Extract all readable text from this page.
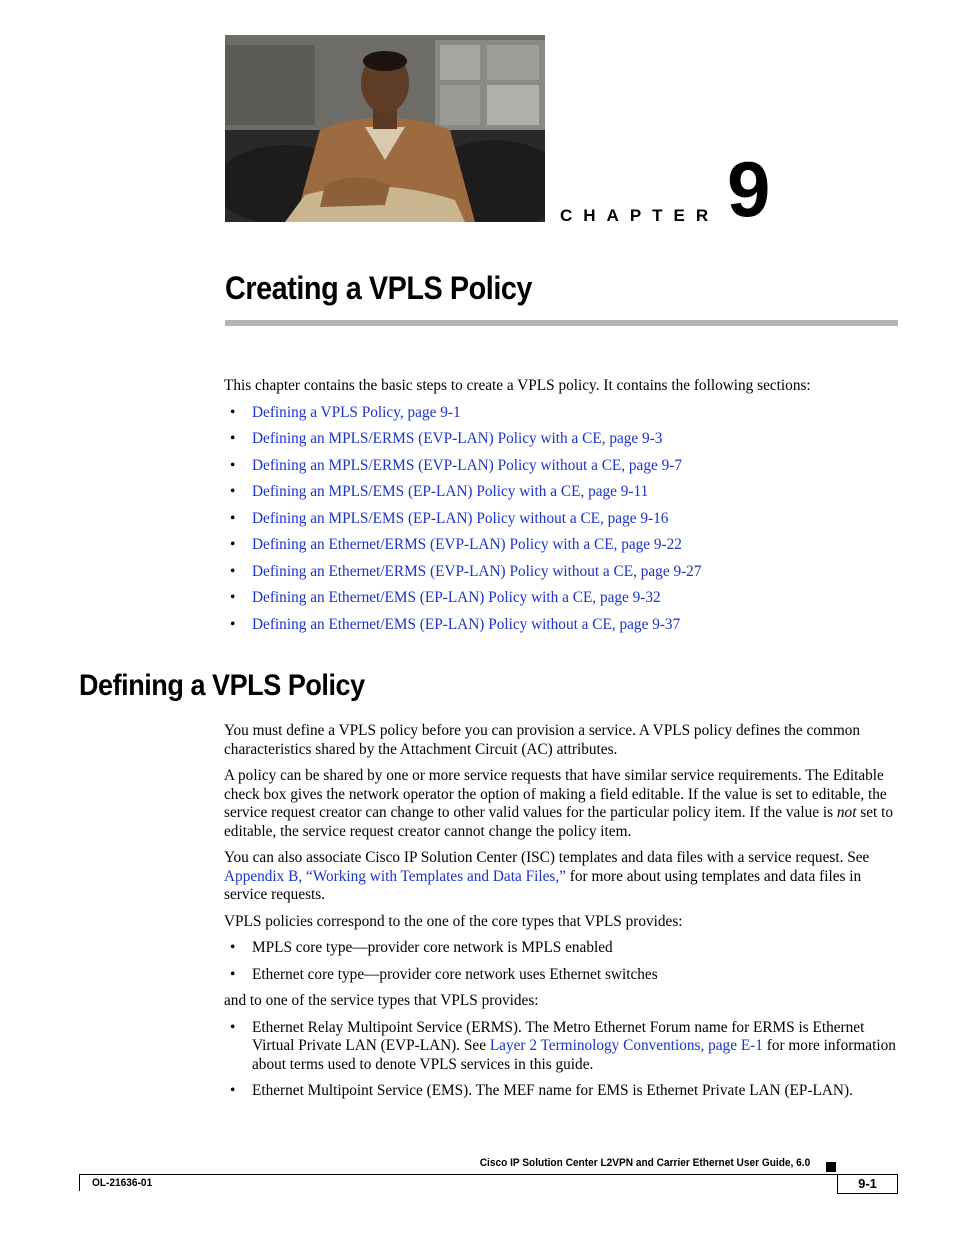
CHAPTER 9
Creating a VPLS Policy

This chapter contains the basic steps to create a VPLS policy. It contains the following sections:

• Defining a VPLS Policy, page 9-1
• Defining an MPLS/ERMS (EVP-LAN) Policy with a CE, page 9-3
• Defining an MPLS/ERMS (EVP-LAN) Policy without a CE, page 9-7
• Defining an MPLS/EMS (EP-LAN) Policy with a CE, page 9-11
• Defining an MPLS/EMS (EP-LAN) Policy without a CE, page 9-16
• Defining an Ethernet/ERMS (EVP-LAN) Policy with a CE, page 9-22
• Defining an Ethernet/ERMS (EVP-LAN) Policy without a CE, page 9-27
• Defining an Ethernet/EMS (EP-LAN) Policy with a CE, page 9-32
• Defining an Ethernet/EMS (EP-LAN) Policy without a CE, page 9-37
Defining a VPLS Policy

You must define a VPLS policy before you can provision a service. A VPLS policy defines the common characteristics shared by the Attachment Circuit (AC) attributes.

A policy can be shared by one or more service requests that have similar service requirements. The Editable check box gives the network operator the option of making a field editable. If the value is set to editable, the service request creator can change to other valid values for the particular policy item. If the value is not set to editable, the service request creator cannot change the policy item.

You can also associate Cisco IP Solution Center (ISC) templates and data files with a service request. See Appendix B, “Working with Templates and Data Files,” for more about using templates and data files in service requests.

VPLS policies correspond to the one of the core types that VPLS provides:

• MPLS core type—provider core network is MPLS enabled
• Ethernet core type—provider core network uses Ethernet switches

and to one of the service types that VPLS provides:

• Ethernet Relay Multipoint Service (ERMS). The Metro Ethernet Forum name for ERMS is Ethernet Virtual Private LAN (EVP-LAN). See Layer 2 Terminology Conventions, page E-1 for more information about terms used to denote VPLS services in this guide.
• Ethernet Multipoint Service (EMS). The MEF name for EMS is Ethernet Private LAN (EP-LAN).
Cisco IP Solution Center L2VPN and Carrier Ethernet User Guide, 6.0
OL-21636-01	9-1
